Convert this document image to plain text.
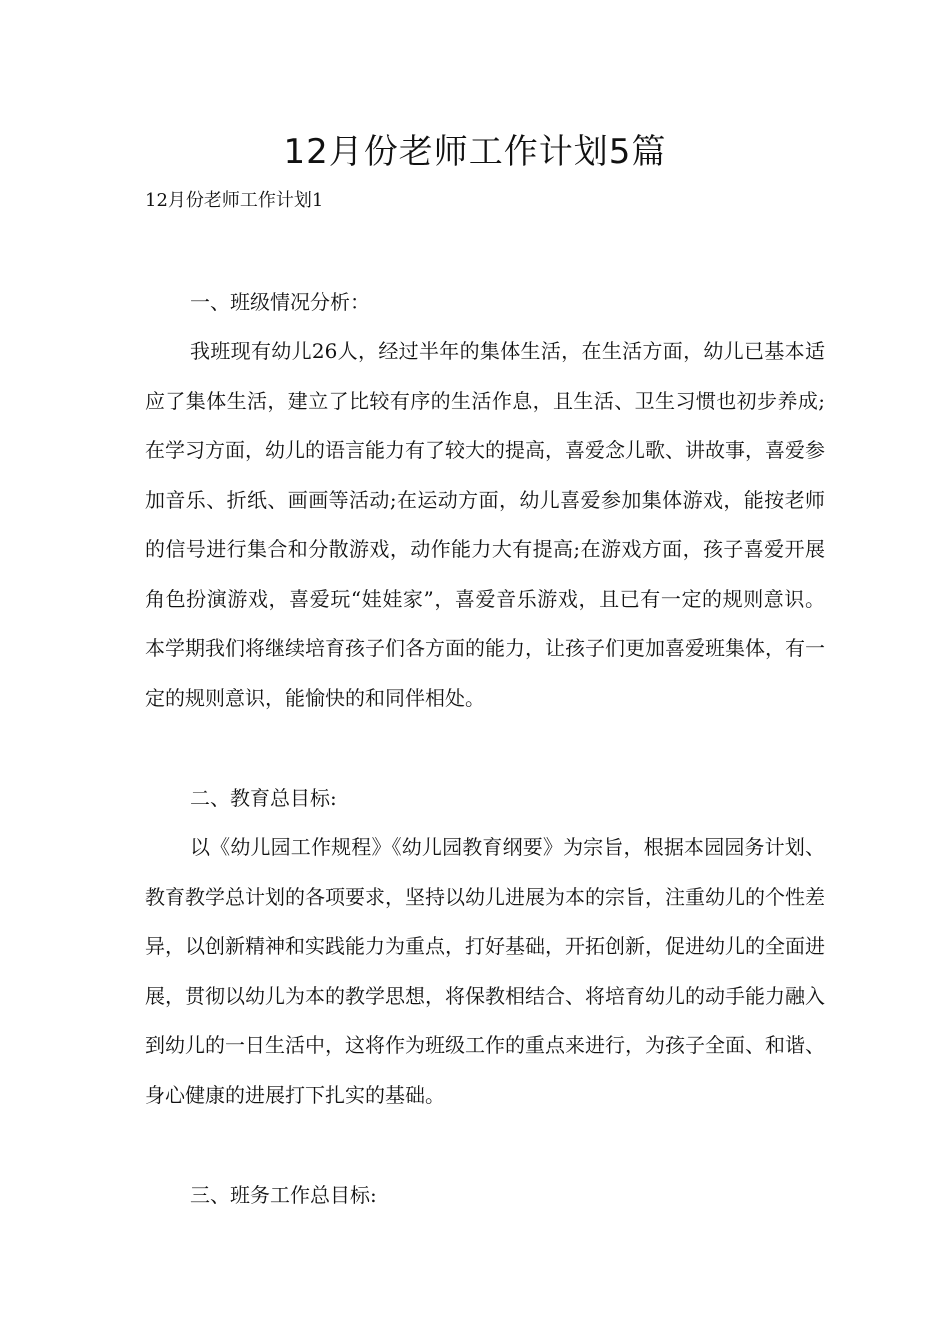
12月份老师工作计划5篇

12月份老师工作计划1

一、班级情况分析：

我班现有幼儿26人，经过半年的集体生活，在生活方面，幼儿已基本适应了集体生活，建立了比较有序的生活作息，且生活、卫生习惯也初步养成;在学习方面，幼儿的语言能力有了较大的提高，喜爱念儿歌、讲故事，喜爱参加音乐、折纸、画画等活动;在运动方面，幼儿喜爱参加集体游戏，能按老师的信号进行集合和分散游戏，动作能力大有提高;在游戏方面，孩子喜爱开展角色扮演游戏，喜爱玩“娃娃家”，喜爱音乐游戏，且已有一定的规则意识。本学期我们将继续培育孩子们各方面的能力，让孩子们更加喜爱班集体，有一定的规则意识，能愉快的和同伴相处。

二、教育总目标:

以《幼儿园工作规程》《幼儿园教育纲要》为宗旨，根据本园园务计划、教育教学总计划的各项要求，坚持以幼儿进展为本的宗旨，注重幼儿的个性差异，以创新精神和实践能力为重点，打好基础，开拓创新，促进幼儿的全面进展，贯彻以幼儿为本的教学思想，将保教相结合、将培育幼儿的动手能力融入到幼儿的一日生活中，这将作为班级工作的重点来进行，为孩子全面、和谐、身心健康的进展打下扎实的基础。

三、班务工作总目标:
